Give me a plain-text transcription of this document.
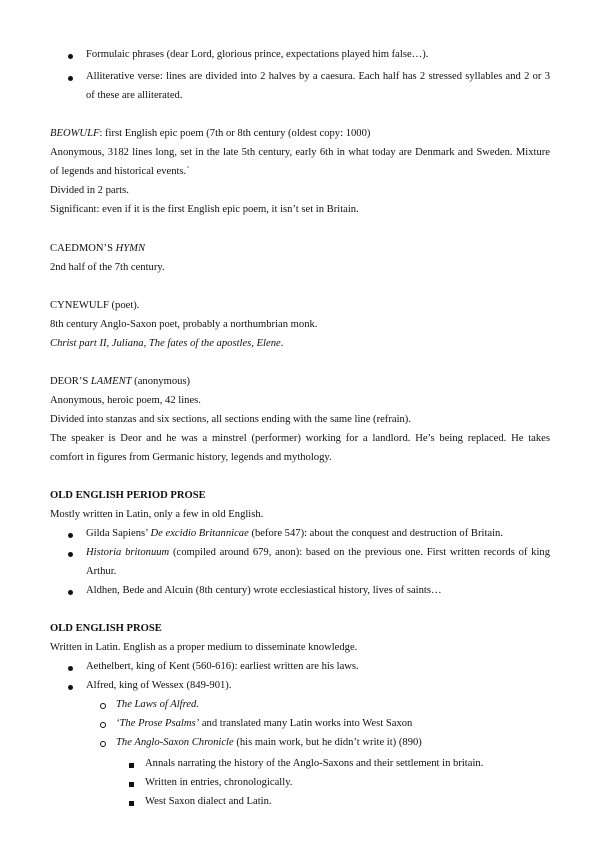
Formulaic phrases (dear Lord, glorious prince, expectations played him false…).
Alliterative verse: lines are divided into 2 halves by a caesura. Each half has 2 stressed syllables and 2 or 3
of these are alliterated.
BEOWULF: first English epic poem (7th or 8th century (oldest copy: 1000)
Anonymous, 3182 lines long, set in the late 5th century, early 6th in what today are Denmark and Sweden. Mixture
of legends and historical events.´
Divided in 2 parts.
Significant: even if it is the first English epic poem, it isn’t set in Britain.
CAEDMON’S HYMN
2nd half of the 7th century.
CYNEWULF (poet).
8th century Anglo-Saxon poet, probably a northumbrian monk.
Christ part II, Juliana, The fates of the apostles, Elene.
DEOR’S LAMENT (anonymous)
Anonymous, heroic poem, 42 lines.
Divided into stanzas and six sections, all sections ending with the same line (refrain).
The speaker is Deor and he was a minstrel (performer) working for a landlord. He’s being replaced. He takes
comfort in figures from Germanic history, legends and mythology.
OLD ENGLISH PERIOD PROSE
Mostly written in Latin, only a few in old English.
Gilda Sapiens’ De excidio Britannicae (before 547): about the conquest and destruction of Britain.
Historia britonuum (compiled around 679, anon): based on the previous one. First written records of king
Arthur.
Aldhen, Bede and Alcuin (8th century) wrote ecclesiastical history, lives of saints…
OLD ENGLISH PROSE
Written in Latin. English as a proper medium to disseminate knowledge.
Aethelbert, king of Kent (560-616): earliest written are his laws.
Alfred, king of Wessex (849-901).
The Laws of Alfred.
‘The Prose Psalms’ and translated many Latin works into West Saxon
The Anglo-Saxon Chronicle (his main work, but he didn’t write it) (890)
Annals narrating the history of the Anglo-Saxons and their settlement in britain.
Written in entries, chronologically.
West Saxon dialect and Latin.
